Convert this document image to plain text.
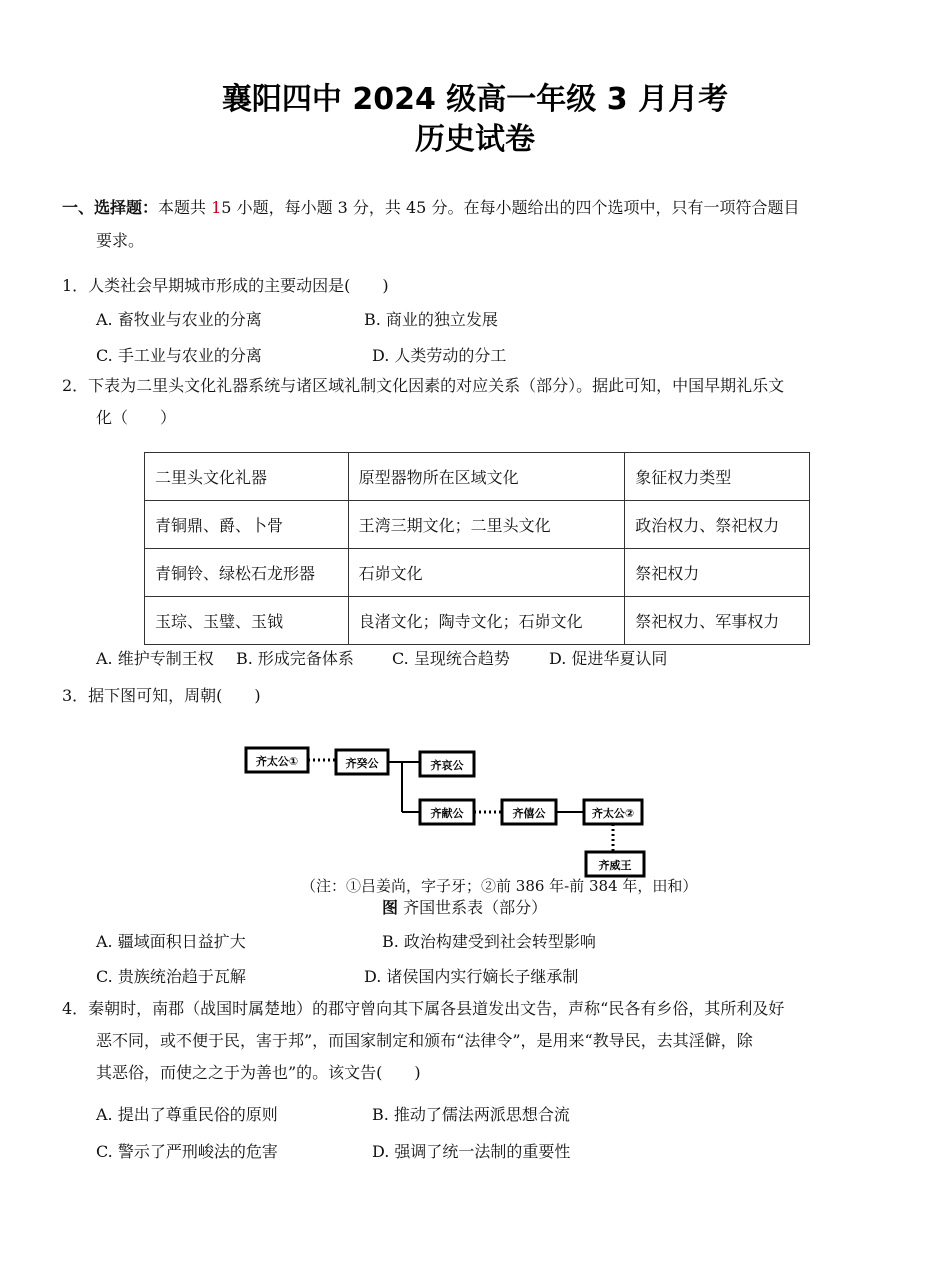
襄阳四中 2024 级高一年级 3 月月考
历史试卷
一、选择题：本题共 15 小题，每小题 3 分，共 45 分。在每小题给出的四个选项中，只有一项符合题目
要求。
1．人类社会早期城市形成的主要动因是(　　)
A. 畜牧业与农业的分离	B. 商业的独立发展
C. 手工业与农业的分离	D. 人类劳动的分工
2．下表为二里头文化礼器系统与诸区域礼制文化因素的对应关系（部分）。据此可知，中国早期礼乐文
化（　　）
二里头文化礼器	原型器物所在区域文化	象征权力类型
青铜鼎、爵、卜骨	王湾三期文化；二里头文化	政治权力、祭祀权力
青铜铃、绿松石龙形器	石峁文化	祭祀权力
玉琮、玉璧、玉钺	良渚文化；陶寺文化；石峁文化	祭祀权力、军事权力
A. 维护专制王权 B. 形成完备体系 C. 呈现统合趋势 D. 促进华夏认同
3．据下图可知，周朝(　　)
齐太公①	齐癸公	齐哀公
齐献公	齐僖公	齐太公②
齐威王
（注：①吕姜尚，字子牙；②前 386 年-前 384 年，田和）
图 齐国世系表（部分）
A. 疆域面积日益扩大	B. 政治构建受到社会转型影响
C. 贵族统治趋于瓦解	D. 诸侯国内实行嫡长子继承制
4．秦朝时，南郡（战国时属楚地）的郡守曾向其下属各县道发出文告，声称“民各有乡俗，其所利及好
恶不同，或不便于民，害于邦”，而国家制定和颁布“法律令”，是用来“教导民，去其淫僻，除
其恶俗，而使之之于为善也”的。该文告(　　)
A. 提出了尊重民俗的原则	B. 推动了儒法两派思想合流
C. 警示了严刑峻法的危害	D. 强调了统一法制的重要性
